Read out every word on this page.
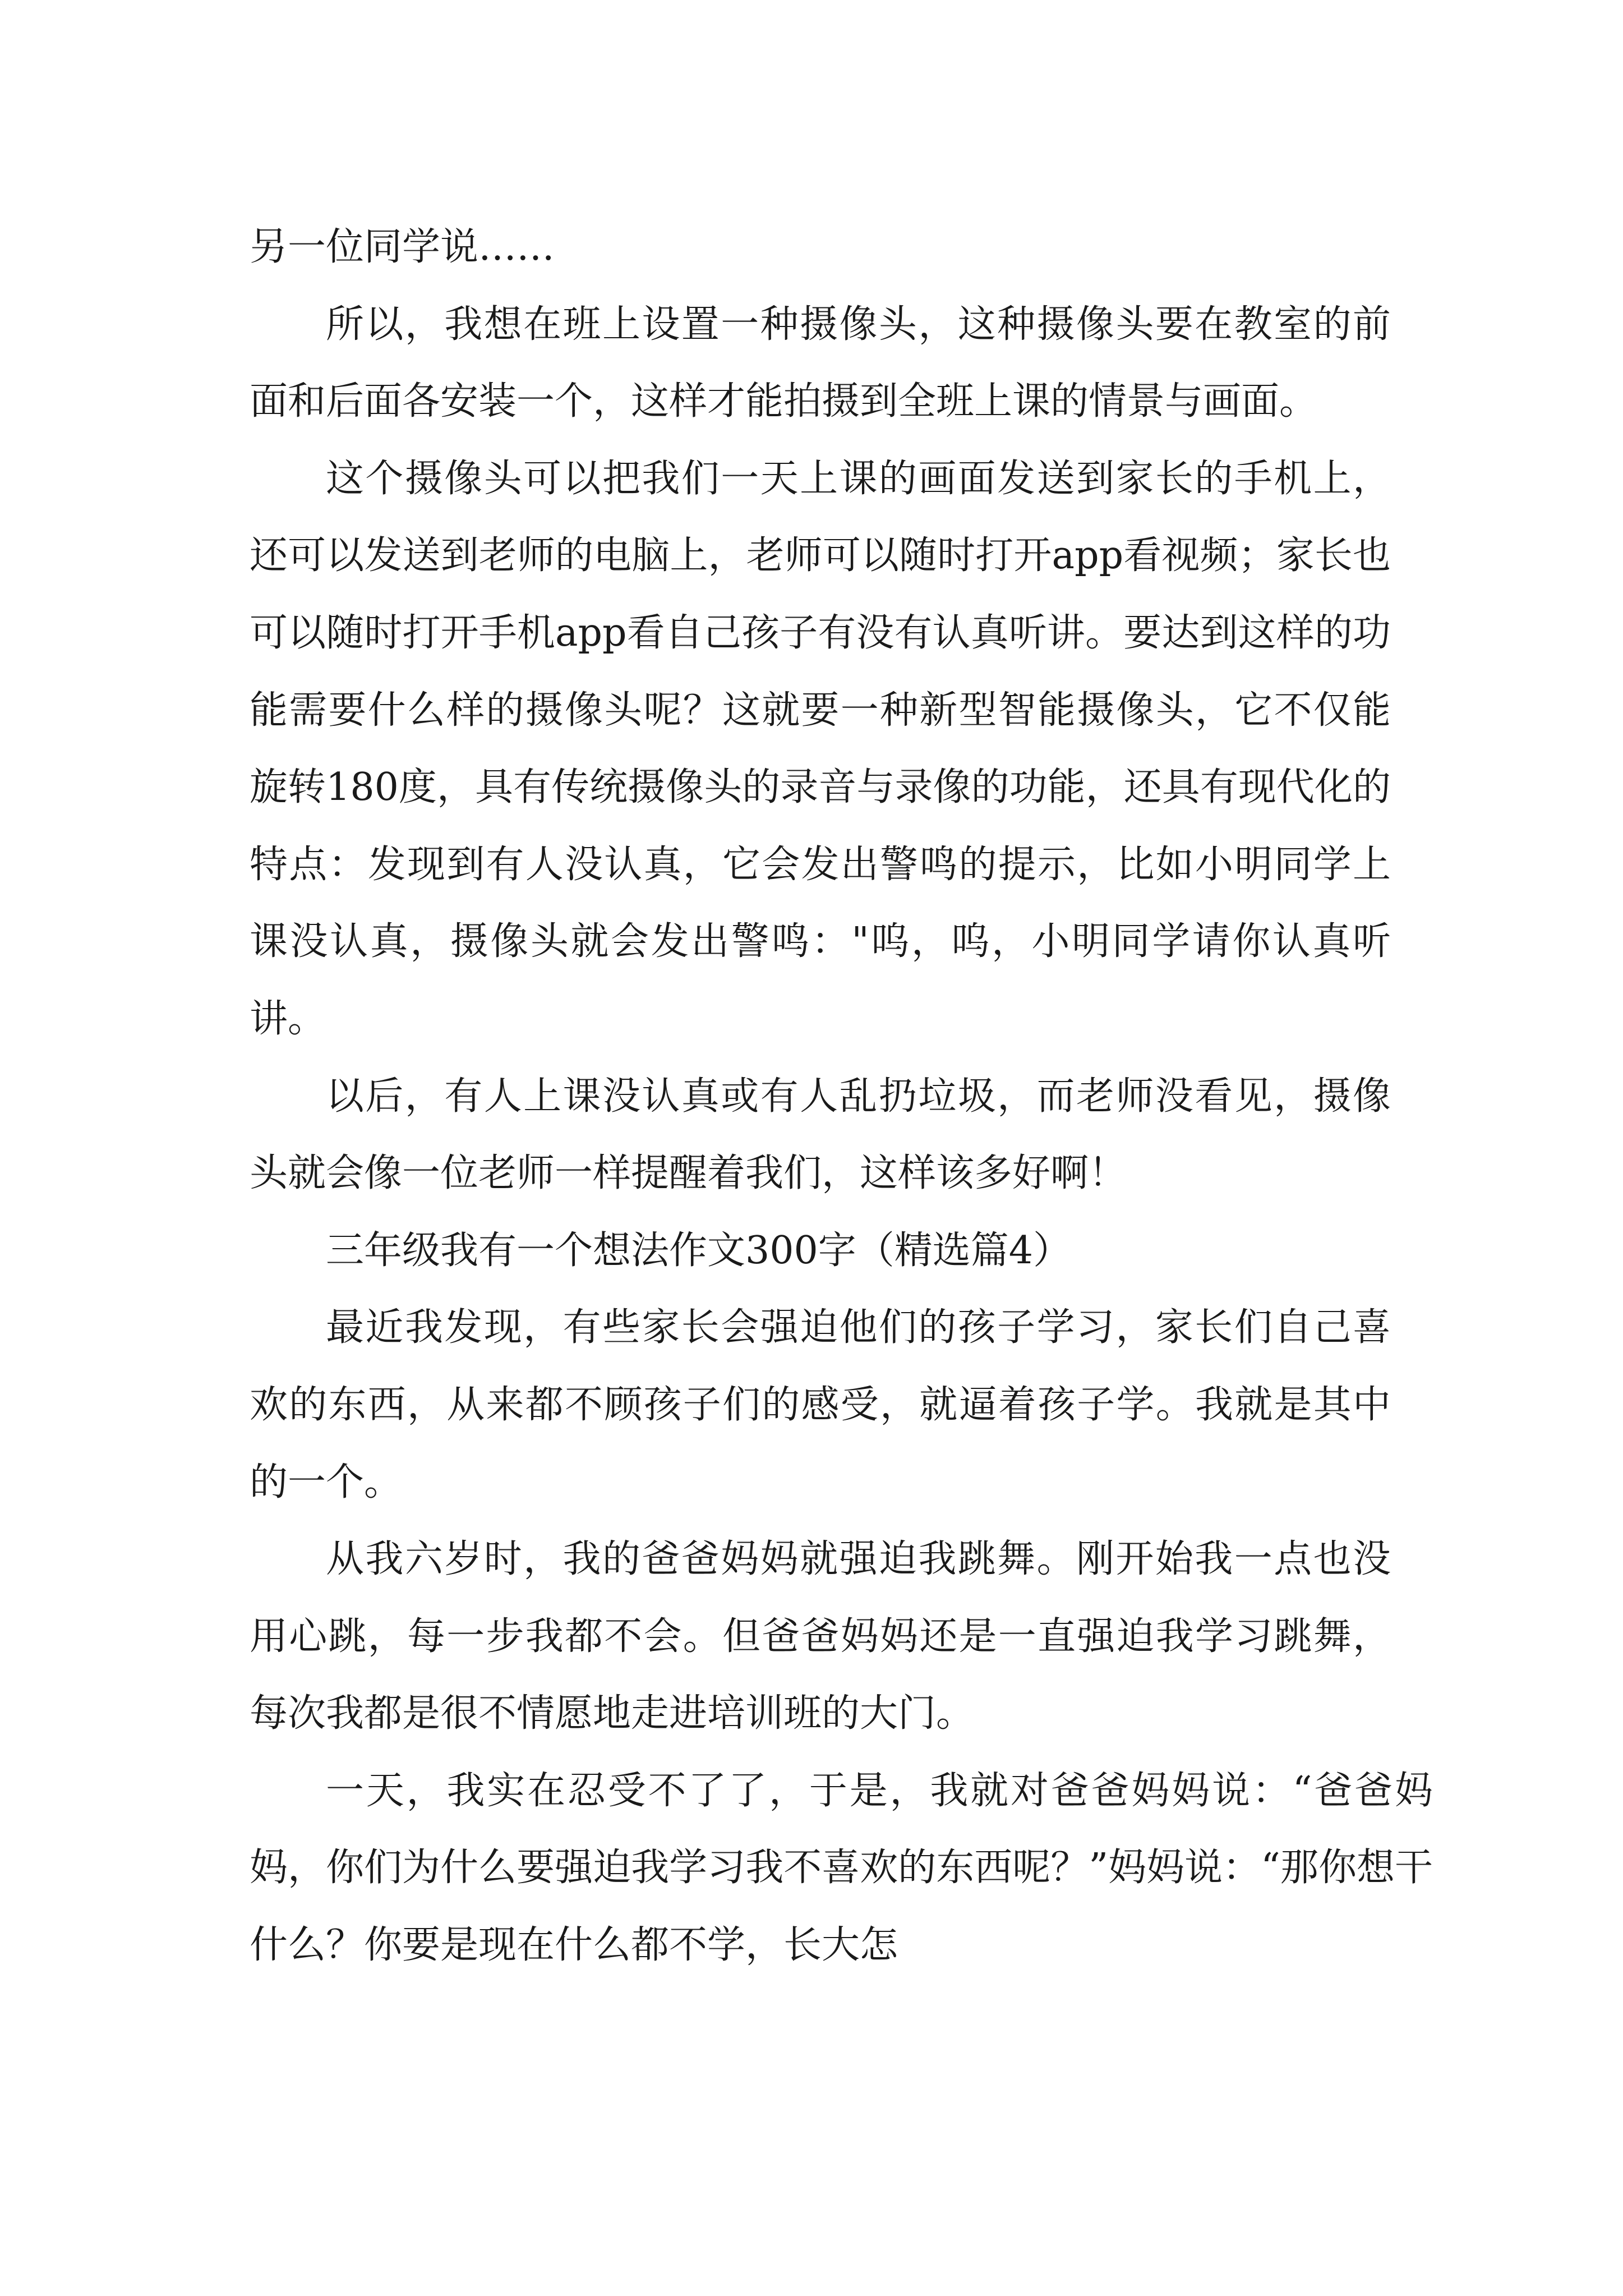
另一位同学说……

所以，我想在班上设置一种摄像头，这种摄像头要在教室的前面和后面各安装一个，这样才能拍摄到全班上课的情景与画面。

这个摄像头可以把我们一天上课的画面发送到家长的手机上，还可以发送到老师的电脑上，老师可以随时打开app看视频；家长也可以随时打开手机app看自己孩子有没有认真听讲。要达到这样的功能需要什么样的摄像头呢？这就要一种新型智能摄像头，它不仅能旋转180度，具有传统摄像头的录音与录像的功能，还具有现代化的特点：发现到有人没认真，它会发出警鸣的提示，比如小明同学上课没认真，摄像头就会发出警鸣："呜，呜，小明同学请你认真听讲。

以后，有人上课没认真或有人乱扔垃圾，而老师没看见，摄像头就会像一位老师一样提醒着我们，这样该多好啊！

三年级我有一个想法作文300字（精选篇4）

最近我发现，有些家长会强迫他们的孩子学习，家长们自己喜欢的东西，从来都不顾孩子们的感受，就逼着孩子学。我就是其中的一个。

从我六岁时，我的爸爸妈妈就强迫我跳舞。刚开始我一点也没用心跳，每一步我都不会。但爸爸妈妈还是一直强迫我学习跳舞，每次我都是很不情愿地走进培训班的大门。

一天，我实在忍受不了了，于是，我就对爸爸妈妈说：“爸爸妈妈，你们为什么要强迫我学习我不喜欢的东西呢？”妈妈说：“那你想干什么？你要是现在什么都不学，长大怎
